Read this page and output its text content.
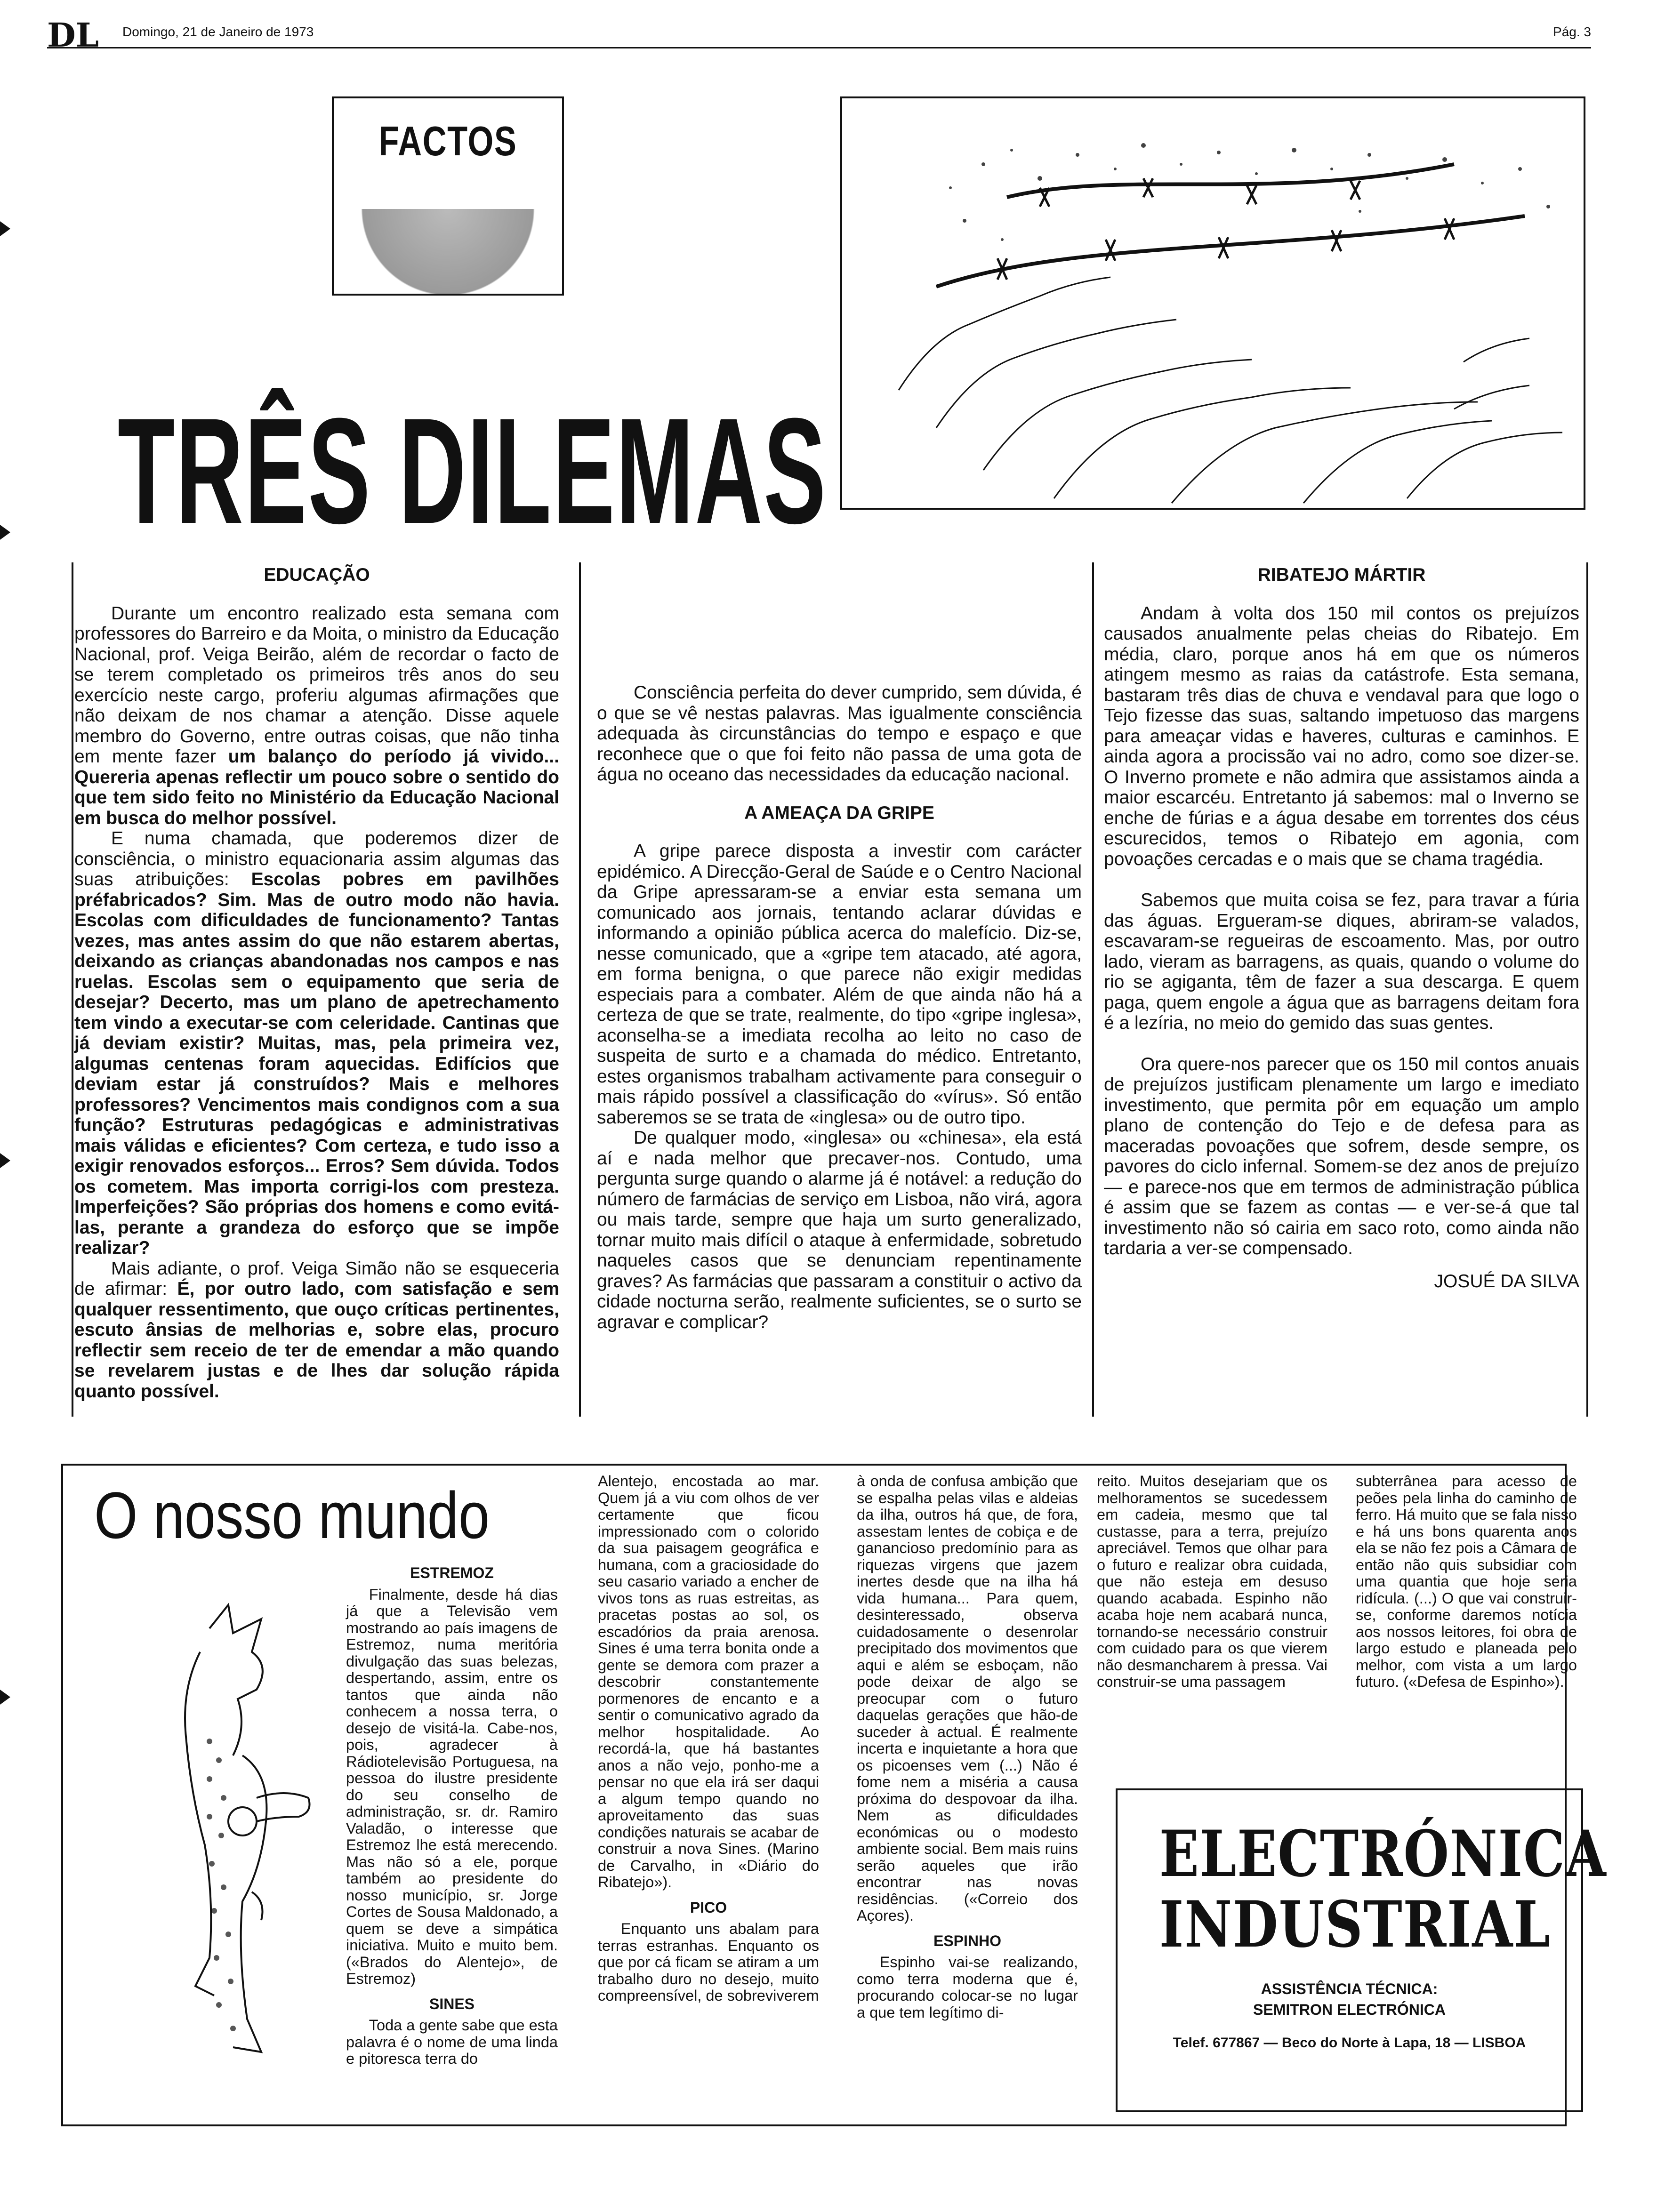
DL Domingo, 21 de Janeiro de 1973	Pág. 3
FACTOS
TRÊS DILEMAS
EDUCAÇÃO

Durante um encontro realizado esta semana com professores do Barreiro e da Moita, o ministro da Educação Nacional, prof. Veiga Beirão, além de recordar o facto de se terem completado os primeiros três anos do seu exercício neste cargo, proferiu algumas afirmações que não deixam de nos chamar a atenção. Disse aquele membro do Governo, entre outras coisas, que não tinha em mente fazer um balanço do período já vivido... Quereria apenas reflectir um pouco sobre o sentido do que tem sido feito no Ministério da Educação Nacional em busca do melhor possível.

E numa chamada, que poderemos dizer de consciência, o ministro equacionaria assim algumas das suas atribuições: Escolas pobres em pavilhões préfabricados? Sim. Mas de outro modo não havia. Escolas com dificuldades de funcionamento? Tantas vezes, mas antes assim do que não estarem abertas, deixando as crianças abandonadas nos campos e nas ruelas. Escolas sem o equipamento que seria de desejar? Decerto, mas um plano de apetrechamento tem vindo a executar-se com celeridade. Cantinas que já deviam existir? Muitas, mas, pela primeira vez, algumas centenas foram aquecidas. Edifícios que deviam estar já construídos? Mais e melhores professores? Vencimentos mais condignos com a sua função? Estruturas pedagógicas e administrativas mais válidas e eficientes? Com certeza, e tudo isso a exigir renovados esforços... Erros? Sem dúvida. Todos os cometem. Mas importa corrigi-los com presteza. Imperfeições? São próprias dos homens e como evitá-las, perante a grandeza do esforço que se impõe realizar?

Mais adiante, o prof. Veiga Simão não se esqueceria de afirmar: É, por outro lado, com satisfação e sem qualquer ressentimento, que ouço críticas pertinentes, escuto ânsias de melhorias e, sobre elas, procuro reflectir sem receio de ter de emendar a mão quando se revelarem justas e de lhes dar solução rápida quanto possível.

Consciência perfeita do dever cumprido, sem dúvida, é o que se vê nestas palavras. Mas igualmente consciência adequada às circunstâncias do tempo e espaço e que reconhece que o que foi feito não passa de uma gota de água no oceano das necessidades da educação nacional.

A AMEAÇA DA GRIPE

A gripe parece disposta a investir com carácter epidémico. A Direcção-Geral de Saúde e o Centro Nacional da Gripe apressaram-se a enviar esta semana um comunicado aos jornais, tentando aclarar dúvidas e informando a opinião pública acerca do malefício. Diz-se, nesse comunicado, que a «gripe tem atacado, até agora, em forma benigna, o que parece não exigir medidas especiais para a combater. Além de que ainda não há a certeza de que se trate, realmente, do tipo «gripe inglesa», aconselha-se a imediata recolha ao leito no caso de suspeita de surto e a chamada do médico. Entretanto, estes organismos trabalham activamente para conseguir o mais rápido possível a classificação do «vírus». Só então saberemos se se trata de «inglesa» ou de outro tipo.

De qualquer modo, «inglesa» ou «chinesa», ela está aí e nada melhor que precaver-nos. Contudo, uma pergunta surge quando o alarme já é notável: a redução do número de farmácias de serviço em Lisboa, não virá, agora ou mais tarde, sempre que haja um surto generalizado, tornar muito mais difícil o ataque à enfermidade, sobretudo naqueles casos que se denunciam repentinamente graves? As farmácias que passaram a constituir o activo da cidade nocturna serão, realmente suficientes, se o surto se agravar e complicar?

RIBATEJO MÁRTIR

Andam à volta dos 150 mil contos os prejuízos causados anualmente pelas cheias do Ribatejo. Em média, claro, porque anos há em que os números atingem mesmo as raias da catástrofe. Esta semana, bastaram três dias de chuva e vendaval para que logo o Tejo fizesse das suas, saltando impetuoso das margens para ameaçar vidas e haveres, culturas e caminhos. E ainda agora a procissão vai no adro, como soe dizer-se. O Inverno promete e não admira que assistamos ainda a maior escarcéu. Entretanto já sabemos: mal o Inverno se enche de fúrias e a água desabe em torrentes dos céus escurecidos, temos o Ribatejo em agonia, com povoações cercadas e o mais que se chama tragédia.

Sabemos que muita coisa se fez, para travar a fúria das águas. Ergueram-se diques, abriram-se valados, escavaram-se regueiras de escoamento. Mas, por outro lado, vieram as barragens, as quais, quando o volume do rio se agiganta, têm de fazer a sua descarga. E quem paga, quem engole a água que as barragens deitam fora é a lezíria, no meio do gemido das suas gentes.

Ora quere-nos parecer que os 150 mil contos anuais de prejuízos justificam plenamente um largo e imediato investimento, que permita pôr em equação um amplo plano de contenção do Tejo e de defesa para as maceradas povoações que sofrem, desde sempre, os pavores do ciclo infernal. Somem-se dez anos de prejuízo — e parece-nos que em termos de administração pública é assim que se fazem as contas — e ver-se-á que tal investimento não só cairia em saco roto, como ainda não tardaria a ver-se compensado.

JOSUÉ DA SILVA
O nosso mundo
ESTREMOZ

Finalmente, desde há dias já que a Televisão vem mostrando ao país imagens de Estremoz, numa meritória divulgação das suas belezas, despertando, assim, entre os tantos que ainda não conhecem a nossa terra, o desejo de visitá-la. Cabe-nos, pois, agradecer à Rádiotelevisão Portuguesa, na pessoa do ilustre presidente do seu conselho de administração, sr. dr. Ramiro Valadão, o interesse que Estremoz lhe está merecendo. Mas não só a ele, porque também ao presidente do nosso município, sr. Jorge Cortes de Sousa Maldonado, a quem se deve a simpática iniciativa. Muito e muito bem. («Brados do Alentejo», de Estremoz)

SINES

Toda a gente sabe que esta palavra é o nome de uma linda e pitoresca terra do

Alentejo, encostada ao mar. Quem já a viu com olhos de ver certamente que ficou impressionado com o colorido da sua paisagem geográfica e humana, com a graciosidade do seu casario variado a encher de vivos tons as ruas estreitas, as pracetas postas ao sol, os escadórios da praia arenosa. Sines é uma terra bonita onde a gente se demora com prazer a descobrir constantemente pormenores de encanto e a sentir o comunicativo agrado da melhor hospitalidade. Ao recordá-la, que há bastantes anos a não vejo, ponho-me a pensar no que ela irá ser daqui a algum tempo quando no aproveitamento das suas condições naturais se acabar de construir a nova Sines. (Marino de Carvalho, in «Diário do Ribatejo»).

PICO

Enquanto uns abalam para terras estranhas. Enquanto os que por cá ficam se atiram a um trabalho duro no desejo, muito compreensível, de sobreviverem

à onda de confusa ambição que se espalha pelas vilas e aldeias da ilha, outros há que, de fora, assestam lentes de cobiça e de ganancioso predomínio para as riquezas virgens que jazem inertes desde que na ilha há vida humana... Para quem, desinteressado, observa cuidadosamente o desenrolar precipitado dos movimentos que aqui e além se esboçam, não pode deixar de algo se preocupar com o futuro daquelas gerações que hão-de suceder à actual. É realmente incerta e inquietante a hora que os picoenses vem (...) Não é fome nem a miséria a causa próxima do despovoar da ilha. Nem as dificuldades económicas ou o modesto ambiente social. Bem mais ruins serão aqueles que irão encontrar nas novas residências. («Correio dos Açores).

ESPINHO

Espinho vai-se realizando, como terra moderna que é, procurando colocar-se no lugar a que tem legítimo di-

reito. Muitos desejariam que os melhoramentos se sucedessem em cadeia, mesmo que tal custasse, para a terra, prejuízo apreciável. Temos que olhar para o futuro e realizar obra cuidada, que não esteja em desuso quando acabada. Espinho não acaba hoje nem acabará nunca, tornando-se necessário construir com cuidado para os que vierem não desmancharem à pressa. Vai construir-se uma passagem

subterrânea para acesso de peões pela linha do caminho de ferro. Há muito que se fala nisso e há uns bons quarenta anos ela se não fez pois a Câmara de então não quis subsidiar com uma quantia que hoje seria ridícula. (...) O que vai construir-se, conforme daremos notícia aos nossos leitores, foi obra de largo estudo e planeada pelo melhor, com vista a um largo futuro. («Defesa de Espinho»).

ELECTRÓNICA
INDUSTRIAL
ASSISTÊNCIA TÉCNICA:
SEMITRON ELECTRÓNICA
Telef. 677867 — Beco do Norte à Lapa, 18 — LISBOA
